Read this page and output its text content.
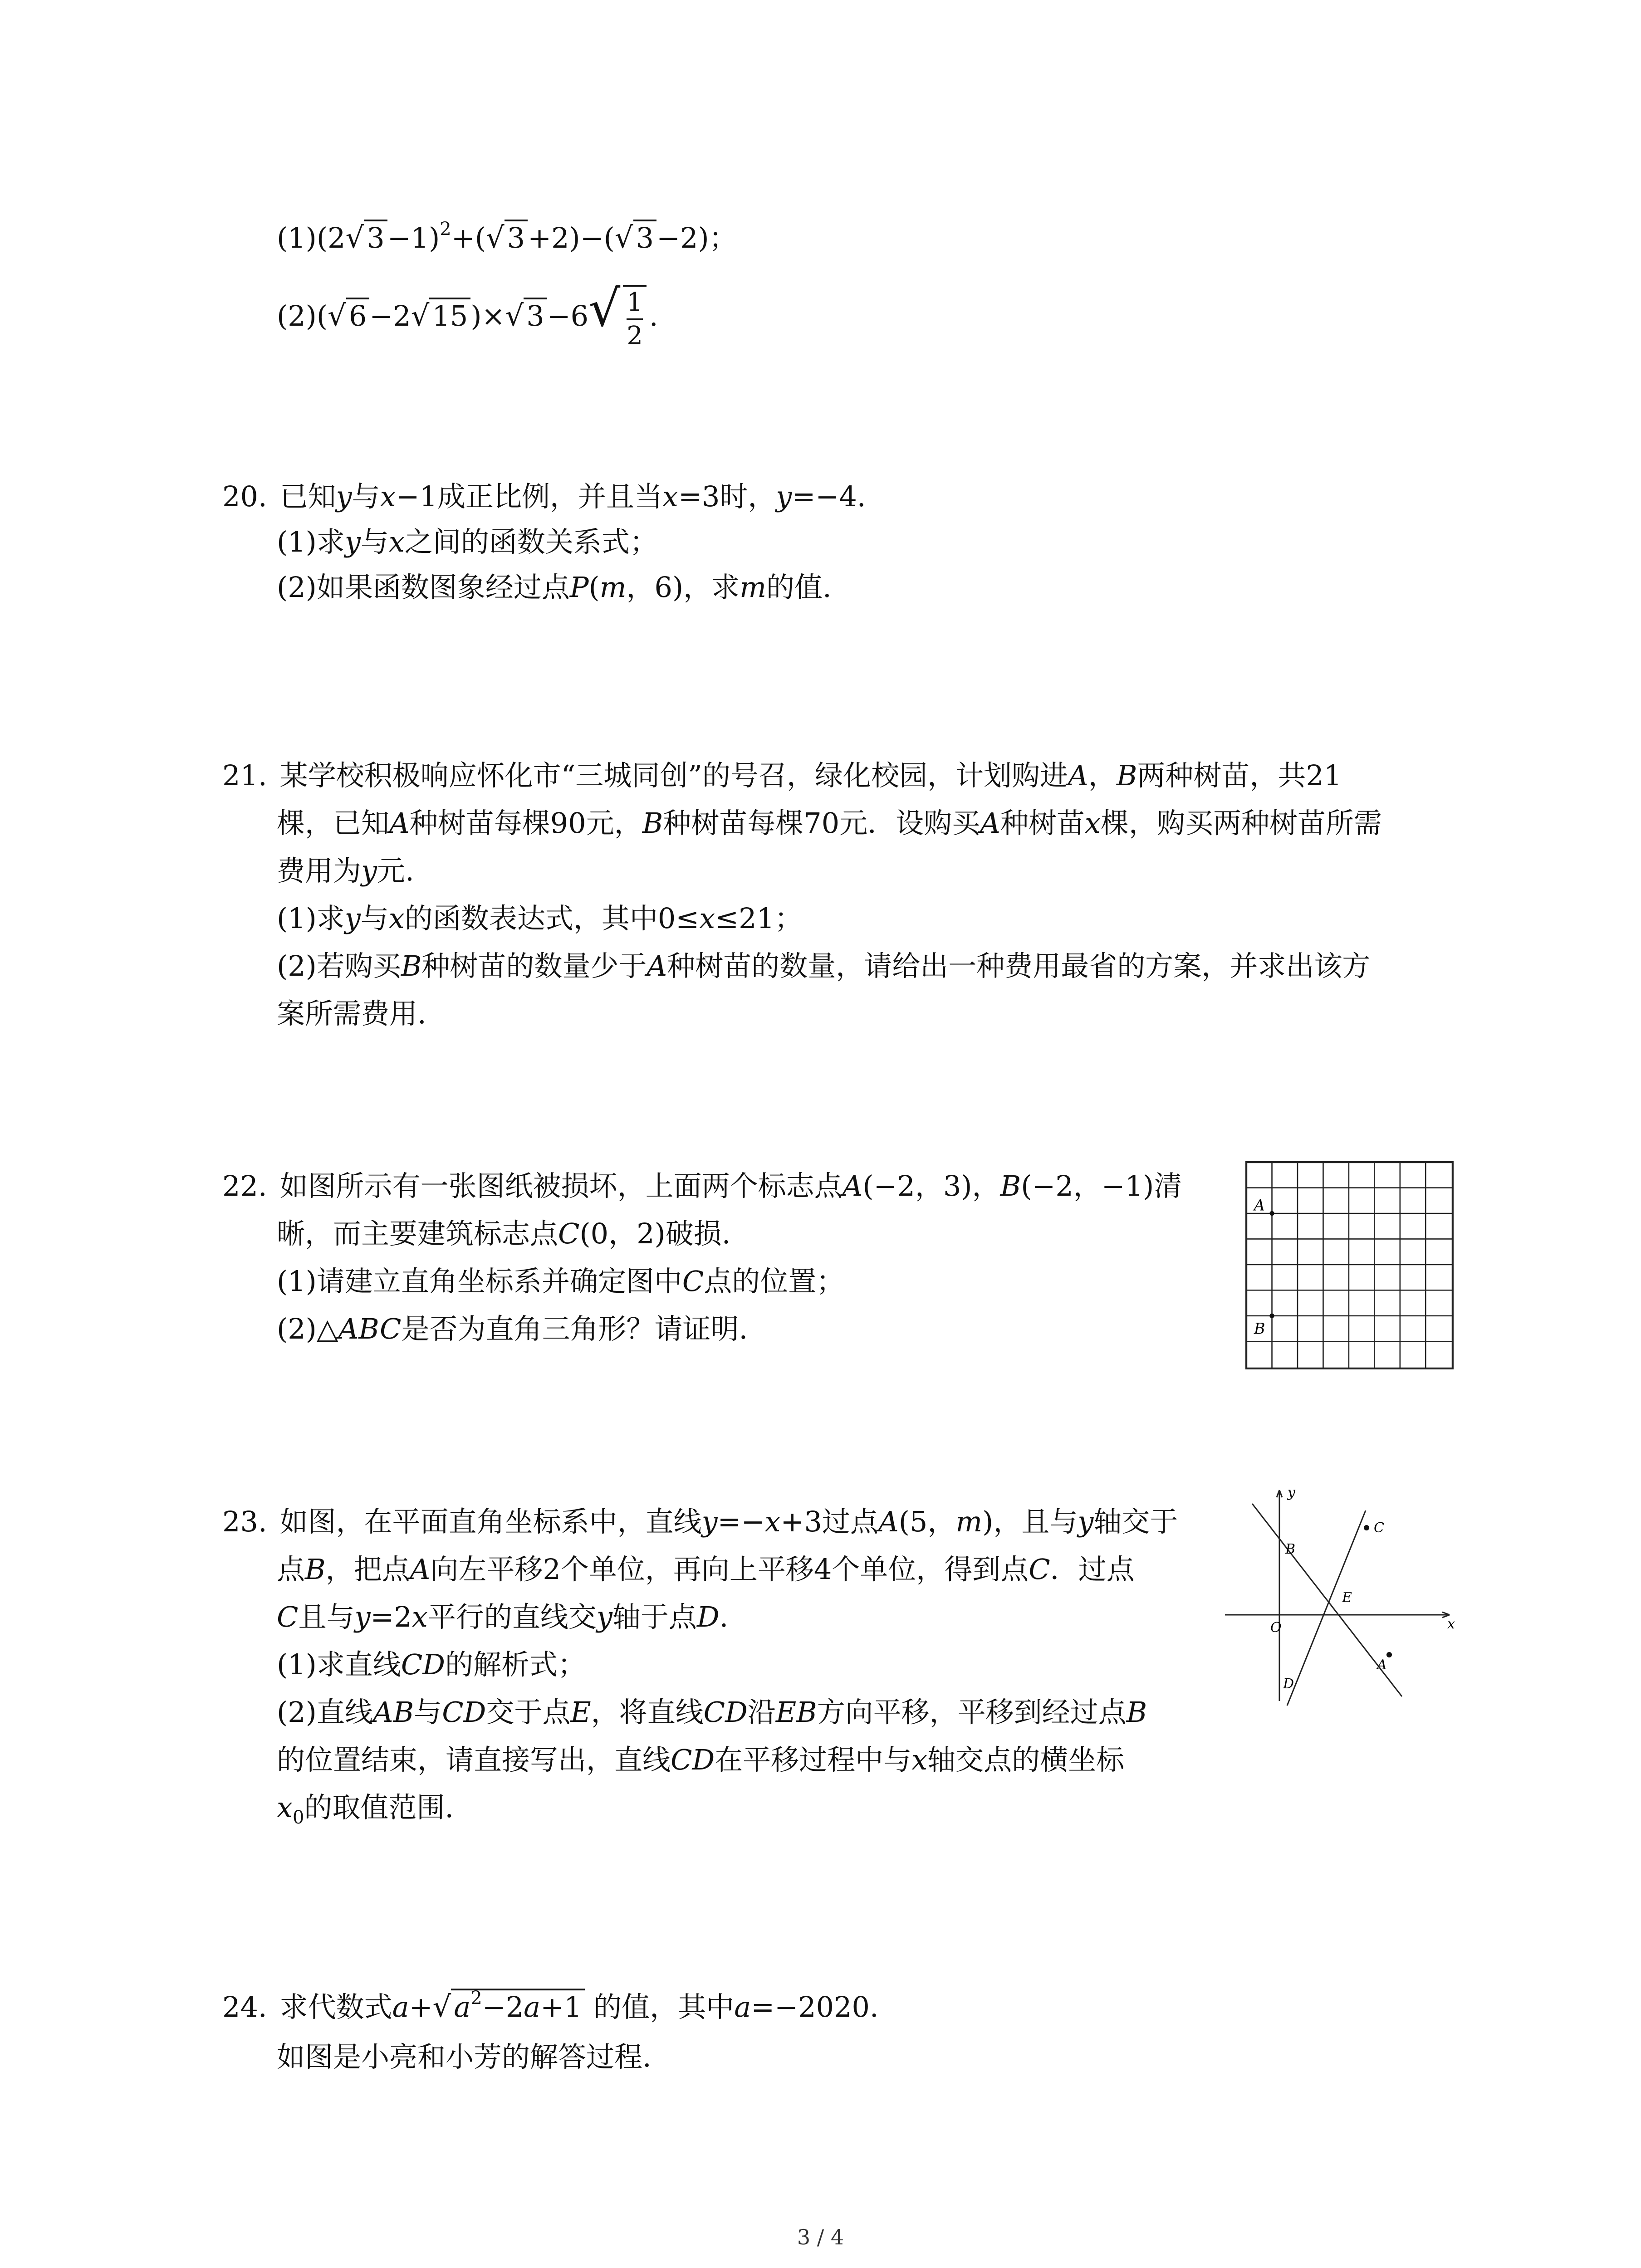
$(1)(2√3-1)^2+(√3+2)-(√3-2)$；
$(2)(√6-2√15)\times√3-6√ \frac{1}{2}$ .
20. 已知y与x−1成正比例，并且当x=3时，y=−4.
(1)求y与x之间的函数关系式；
(2)如果函数图象经过点P(m，6)，求m的值.
21. 某学校积极响应怀化市“三城同创”的号召，绿化校园，计划购进A，B两种树苗，共21
棵，已知A种树苗每棵90元，B种树苗每棵70元．设购买A种树苗x棵，购买两种树苗所需
费用为y元.
(1)求y与x的函数表达式，其中0≤x≤21；
(2)若购买B种树苗的数量少于A种树苗的数量，请给出一种费用最省的方案，并求出该方
案所需费用.
22. 如图所示有一张图纸被损坏，上面两个标志点A(−2，3)，B(−2，−1)清
晰，而主要建筑标志点C(0，2)破损.
(1)请建立直角坐标系并确定图中C点的位置；
(2)△ABC是否为直角三角形？请证明.
A
B
23. 如图，在平面直角坐标系中，直线y=−x+3过点A(5，m)，且与y轴交于
点B，把点A向左平移2个单位，再向上平移4个单位，得到点C．过点
C且与y=2x平行的直线交y轴于点D.
(1)求直线CD的解析式；
(2)直线AB与CD交于点E，将直线CD沿EB方向平移，平移到经过点B
的位置结束，请直接写出，直线CD在平移过程中与x轴交点的横坐标
$x_0$的取值范围.
y
x
O
B
C
E
A
D
24. 求代数式$a+√a^2-2a+1$ 的值，其中a=−2020.
如图是小亮和小芳的解答过程.
3 / 4
